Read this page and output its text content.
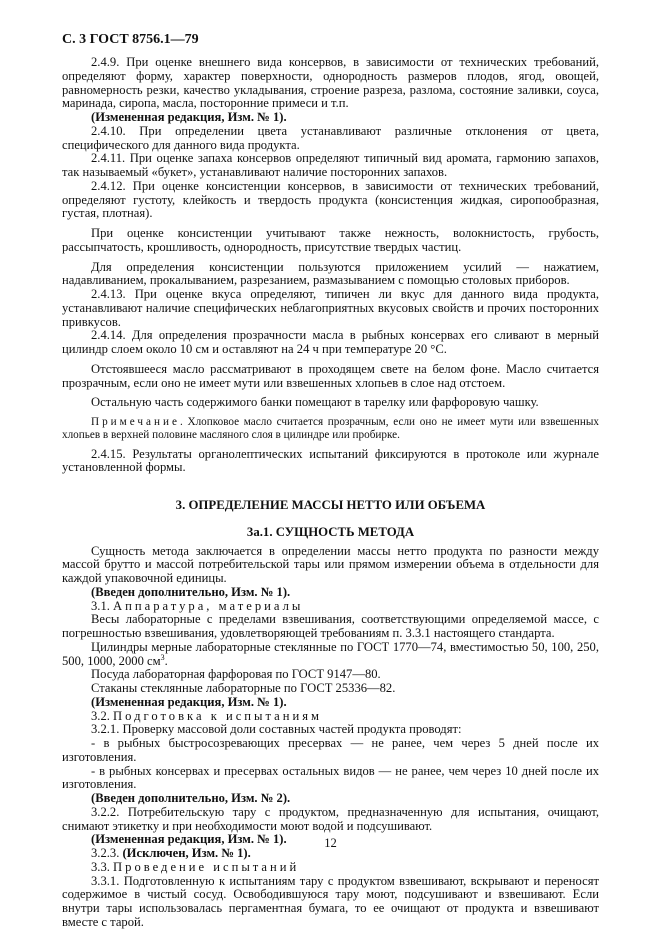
С. 3 ГОСТ 8756.1—79

2.4.9. При оценке внешнего вида консервов, в зависимости от технических требований, определяют форму, характер поверхности, однородность размеров плодов, ягод, овощей, равномерность резки, качество укладывания, строение разреза, разлома, состояние заливки, соуса, маринада, сиропа, масла, посторонние примеси и т.п.

(Измененная редакция, Изм. № 1).

2.4.10. При определении цвета устанавливают различные отклонения от цвета, специфического для данного вида продукта.

2.4.11. При оценке запаха консервов определяют типичный вид аромата, гармонию запахов, так называемый «букет», устанавливают наличие посторонних запахов.

2.4.12. При оценке консистенции консервов, в зависимости от технических требований, определяют густоту, клейкость и твердость продукта (консистенция жидкая, сиропообразная, густая, плотная).

При оценке консистенции учитывают также нежность, волокнистость, грубость, рассыпчатость, крошливость, однородность, присутствие твердых частиц.

Для определения консистенции пользуются приложением усилий — нажатием, надавливанием, прокалыванием, разрезанием, размазыванием с помощью столовых приборов.

2.4.13. При оценке вкуса определяют, типичен ли вкус для данного вида продукта, устанавливают наличие специфических неблагоприятных вкусовых свойств и прочих посторонних привкусов.

2.4.14. Для определения прозрачности масла в рыбных консервах его сливают в мерный цилиндр слоем около 10 см и оставляют на 24 ч при температуре 20 °С.

Отстоявшееся масло рассматривают в проходящем свете на белом фоне. Масло считается прозрачным, если оно не имеет мути или взвешенных хлопьев в слое над отстоем.

Остальную часть содержимого банки помещают в тарелку или фарфоровую чашку.

Примечание. Хлопковое масло считается прозрачным, если оно не имеет мути или взвешенных хлопьев в верхней половине масляного слоя в цилиндре или пробирке.

2.4.15. Результаты органолептических испытаний фиксируются в протоколе или журнале установленной формы.

3. ОПРЕДЕЛЕНИЕ МАССЫ НЕТТО ИЛИ ОБЪЕМА

3а.1. СУЩНОСТЬ МЕТОДА

Сущность метода заключается в определении массы нетто продукта по разности между массой брутто и массой потребительской тары или прямом измерении объема в отдельности для каждой упаковочной единицы.

(Введен дополнительно, Изм. № 1).

3.1. Аппаратура, материалы

Весы лабораторные с пределами взвешивания, соответствующими определяемой массе, с погрешностью взвешивания, удовлетворяющей требованиям п. 3.3.1 настоящего стандарта.

Цилиндры мерные лабораторные стеклянные по ГОСТ 1770—74, вместимостью 50, 100, 250, 500, 1000, 2000 $см^3$.

Посуда лабораторная фарфоровая по ГОСТ 9147—80.

Стаканы стеклянные лабораторные по ГОСТ 25336—82.

(Измененная редакция, Изм. № 1).

3.2. Подготовка к испытаниям

3.2.1. Проверку массовой доли составных частей продукта проводят:

- в рыбных быстросозревающих пресервах — не ранее, чем через 5 дней после их изготовления.

- в рыбных консервах и пресервах остальных видов — не ранее, чем через 10 дней после их изготовления.

(Введен дополнительно, Изм. № 2).

3.2.2. Потребительскую тару с продуктом, предназначенную для испытания, очищают, снимают этикетку и при необходимости моют водой и подсушивают.

(Измененная редакция, Изм. № 1).

3.2.3. (Исключен, Изм. № 1).

3.3. Проведение испытаний

3.3.1. Подготовленную к испытаниям тару с продуктом взвешивают, вскрывают и переносят содержимое в чистый сосуд. Освободившуюся тару моют, подсушивают и взвешивают. Если внутри тары использовалась пергаментная бумага, то ее очищают от продукта и взвешивают вместе с тарой.

12
